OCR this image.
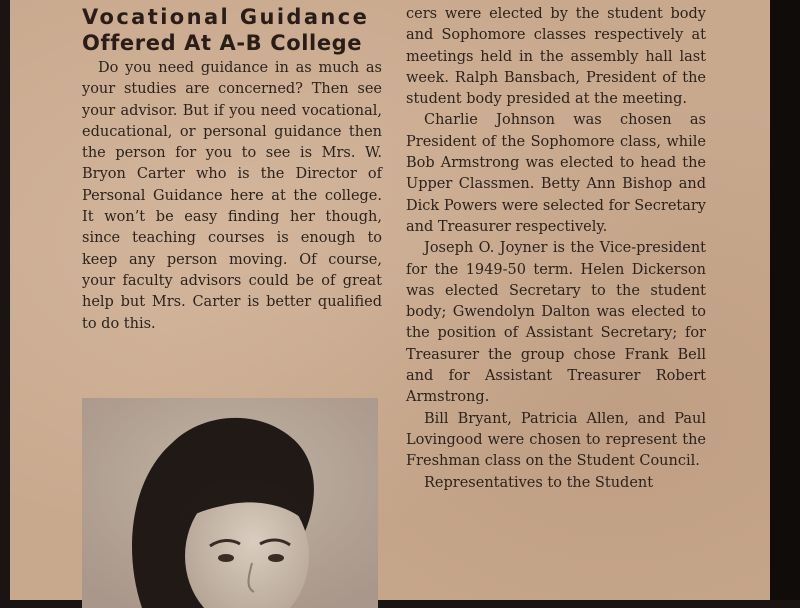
Vocational Guidance
Offered At A-B College

Do you need guidance in as much as your studies are concerned? Then see your advisor. But if you need vocational, educational, or personal guidance then the person for you to see is Mrs. W. Bryon Carter who is the Director of Personal Guidance here at the college. It won’t be easy finding her though, since teaching courses is enough to keep any person moving. Of course, your faculty advisors could be of great help but Mrs. Carter is better qualified to do this.

cers were elected by the student body and Sophomore classes respectively at meetings held in the assembly hall last week. Ralph Bansbach, President of the student body presided at the meeting.

Charlie Johnson was chosen as President of the Sophomore class, while Bob Armstrong was elected to head the Upper Classmen. Betty Ann Bishop and Dick Powers were selected for Secretary and Treasurer respectively.

Joseph O. Joyner is the Vice-president for the 1949-50 term. Helen Dickerson was elected Secretary to the student body; Gwendolyn Dalton was elected to the position of Assistant Secretary; for Treasurer the group chose Frank Bell and for Assistant Treasurer Robert Armstrong.

Bill Bryant, Patricia Allen, and Paul Lovingood were chosen to represent the Freshman class on the Student Council.

Representatives to the Student
